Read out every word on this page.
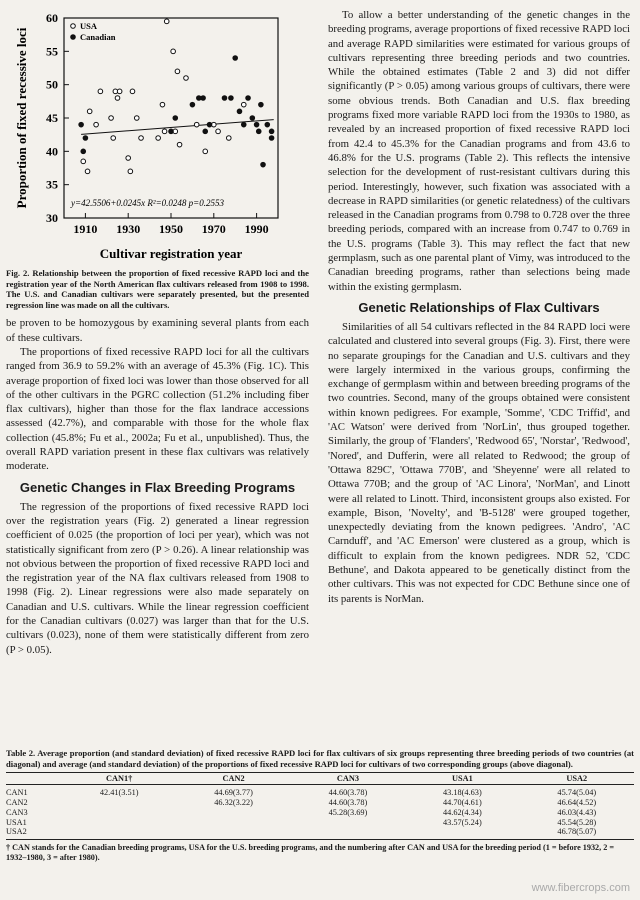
30
35
40
45
50
55
60
1910 1930 1950 1970 1990
Cultivar registration year
Proportion of fixed recessive loci
USA
Canadian
y=42.5506+0.0245x R²=0.0248 p=0.2553
Fig. 2. Relationship between the proportion of fixed recessive RAPD loci and the registration year of the North American flax cultivars released from 1908 to 1998. The U.S. and Canadian cultivars were separately presented, but the presented regression line was made on all the cultivars.

be proven to be homozygous by examining several plants from each of these cultivars.

The proportions of fixed recessive RAPD loci for all the cultivars ranged from 36.9 to 59.2% with an average of 45.3% (Fig. 1C). This average proportion of fixed loci was lower than those observed for all of the other cultivars in the PGRC collection (51.2% including fiber flax cultivars), higher than those for the flax landrace accessions assessed (42.7%), and comparable with those for the whole flax collection (45.8%; Fu et al., 2002a; Fu et al., unpublished). Thus, the overall RAPD variation present in these flax cultivars was relatively moderate.

Genetic Changes in Flax Breeding Programs

The regression of the proportions of fixed recessive RAPD loci over the registration years (Fig. 2) generated a linear regression coefficient of 0.025 (the proportion of loci per year), which was not statistically significant from zero (P > 0.26). A linear relationship was not obvious between the proportion of fixed recessive RAPD loci and the registration year of the NA flax cultivars released from 1908 to 1998 (Fig. 2). Linear regressions were also made separately on Canadian and U.S. cultivars. While the linear regression coefficient for the Canadian cultivars (0.027) was larger than that for the U.S. cultivars (0.023), none of them were statistically different from zero (P > 0.05).

To allow a better understanding of the genetic changes in the breeding programs, average proportions of fixed recessive RAPD loci and average RAPD similarities were estimated for various groups of cultivars representing three breeding periods and two countries. While the obtained estimates (Table 2 and 3) did not differ significantly (P > 0.05) among various groups of cultivars, there were some obvious trends. Both Canadian and U.S. flax breeding programs fixed more variable RAPD loci from the 1930s to 1980, as revealed by an increased proportion of fixed recessive RAPD loci from 42.4 to 45.3% for the Canadian programs and from 43.6 to 46.8% for the U.S. programs (Table 2). This reflects the intensive selection for the development of rust-resistant cultivars during this period. Interestingly, however, such fixation was associated with a decrease in RAPD similarities (or genetic relatedness) of the cultivars released in the Canadian programs from 0.798 to 0.728 over the three breeding periods, compared with an increase from 0.747 to 0.769 in the U.S. programs (Table 3). This may reflect the fact that new germplasm, such as one parental plant of Vimy, was introduced to the Canadian breeding programs, rather than selections being made within the existing germplasm.

Genetic Relationships of Flax Cultivars

Similarities of all 54 cultivars reflected in the 84 RAPD loci were calculated and clustered into several groups (Fig. 3). First, there were no separate groupings for the Canadian and U.S. cultivars and they were largely intermixed in the various groups, confirming the exchange of germplasm within and between breeding programs of the two countries. Second, many of the groups obtained were consistent within known pedigrees. For example, 'Somme', 'CDC Triffid', and 'AC Watson' were derived from 'NorLin', thus grouped together. Similarly, the group of 'Flanders', 'Redwood 65', 'Norstar', 'Redwood', 'Nored', and Dufferin, were all related to Redwood; the group of 'Ottawa 829C', 'Ottawa 770B', and 'Sheyenne' were all related to Ottawa 770B; and the group of 'AC Linora', 'NorMan', and Linott were all related to Linott. Third, inconsistent groups also existed. For example, Bison, 'Novelty', and 'B-5128' were grouped together, unexpectedly deviating from the known pedigrees. 'Andro', 'AC Carnduff', and 'AC Emerson' were clustered as a group, which is difficult to explain from the known pedigrees. NDR 52, 'CDC Bethune', and Dakota appeared to be genetically distinct from the other cultivars. This was not expected for CDC Bethune since one of its parents is NorMan.

Table 2. Average proportion (and standard deviation) of fixed recessive RAPD loci for flax cultivars of six groups representing three breeding periods of two countries (at diagonal) and average (and standard deviation) of the proportions of fixed recessive RAPD loci for cultivars of two corresponding groups (above diagonal).
	CAN1†	CAN2	CAN3	USA1	USA2
CAN1	42.41(3.51)	44.69(3.77)	44.60(3.78)	43.18(4.63)	45.74(5.04)
CAN2		46.32(3.22)	44.60(3.78)	44.70(4.61)	46.64(4.52)
CAN3			45.28(3.69)	44.62(4.34)	46.03(4.43)
USA1				43.57(5.24)	45.54(5.28)
USA2					46.78(5.07)
† CAN stands for the Canadian breeding programs, USA for the U.S. breeding programs, and the numbering after CAN and USA for the breeding period (1 = before 1932, 2 = 1932–1980, 3 = after 1980).
www.fibercrops.com
